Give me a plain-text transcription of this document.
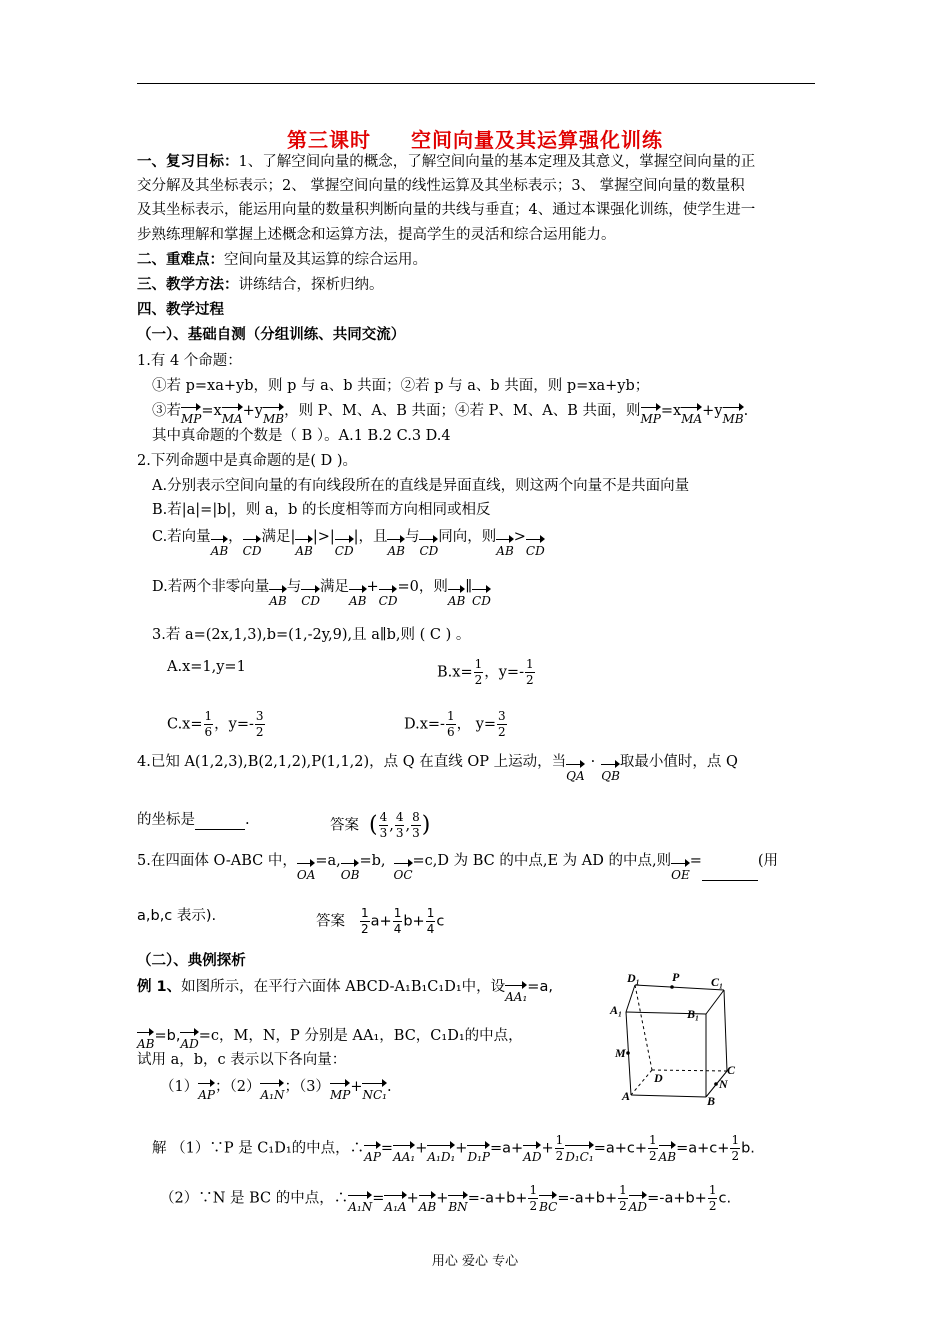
第三课时 空间向量及其运算强化训练
一、复习目标：1、了解空间向量的概念，了解空间向量的基本定理及其意义，掌握空间向量的正
交分解及其坐标表示；2、 掌握空间向量的线性运算及其坐标表示；3、 掌握空间向量的数量积
及其坐标表示，能运用向量的数量积判断向量的共线与垂直；4、通过本课强化训练，使学生进一
步熟练理解和掌握上述概念和运算方法，提高学生的灵活和综合运用能力。
二、重难点：空间向量及其运算的综合运用。
三、教学方法：讲练结合，探析归纳。
四、教学过程
（一）、基础自测（分组训练、共同交流）
1.有 4 个命题：
①若 p=xa+yb，则 p 与 a、b 共面；②若 p 与 a、b 共面，则 p=xa+yb；
③若MP=xMA+yMB，则 P、M、A、B 共面；④若 P、M、A、B 共面，则MP=xMA+yMB.
其中真命题的个数是（ B ）。A.1 B.2 C.3 D.4
2.下列命题中是真命题的是( D )。
A.分别表示空间向量的有向线段所在的直线是异面直线，则这两个向量不是共面向量
B.若|a|=|b|，则 a，b 的长度相等而方向相同或相反
C.若向量AB，CD满足|AB|>|CD|，且AB与CD同向，则AB>CD
D.若两个非零向量AB与CD满足AB+CD=0，则AB∥CD
3.若 a=(2x,1,3),b=(1,-2y,9),且 a∥b,则 ( C ) 。
A.x=1,y=1	$B.x= \frac{1}{2}$ ，$y=- \frac{1}{2}$
$C.x= \frac{1}{6}$ ，$y=- \frac{3}{2}$	$D.x=- \frac{1}{6}$ ， $y= \frac{3}{2}$
4.已知 A(1,2,3),B(2,1,2),P(1,1,2)，点 Q 在直线 OP 上运动，当QA·QB取最小值时，点 Q
的坐标是	.	答案 ( $\frac{4}{3}$ , $\frac{4}{3}$ , $\frac{8}{3}$ )
5.在四面体 O-ABC 中，OA=a,OB=b,OC=c,D 为 BC 的中点,E 为 AD 的中点,则OE=	(用
a,b,c 表示).	答案 $\frac{1}{2} a+ \frac{1}{4} b+ \frac{1}{4}$ c
（二）、典例探析
例 1、如图所示，在平行六面体 ABCD-A₁B₁C₁D₁中，设AA₁=a,
AB=b,AD=c，M，N，P 分别是 AA₁，BC，C₁D₁的中点，
试用 a，b，c 表示以下各向量：
（1）AP；（2）A₁N；（3）MP+NC₁.
D₁	P	C₁
A₁	B₁
M
D
C
N
A	B
解 （1）∵P 是 C₁D₁的中点，∴AP=AA₁+A₁D₁+D₁P=a+AD+ $\frac{1}{2} D_1C_1=a+c+ \frac{1}{2} AB=a+c+ \frac{1}{2} b$.
（2）∵N 是 BC 的中点，∴A₁N=A₁A+AB+BN=-a+b+ $\frac{1}{2} BC=-a+b+ \frac{1}{2} AD=-a+b+ \frac{1}{2} c$.
用心 爱心 专心
